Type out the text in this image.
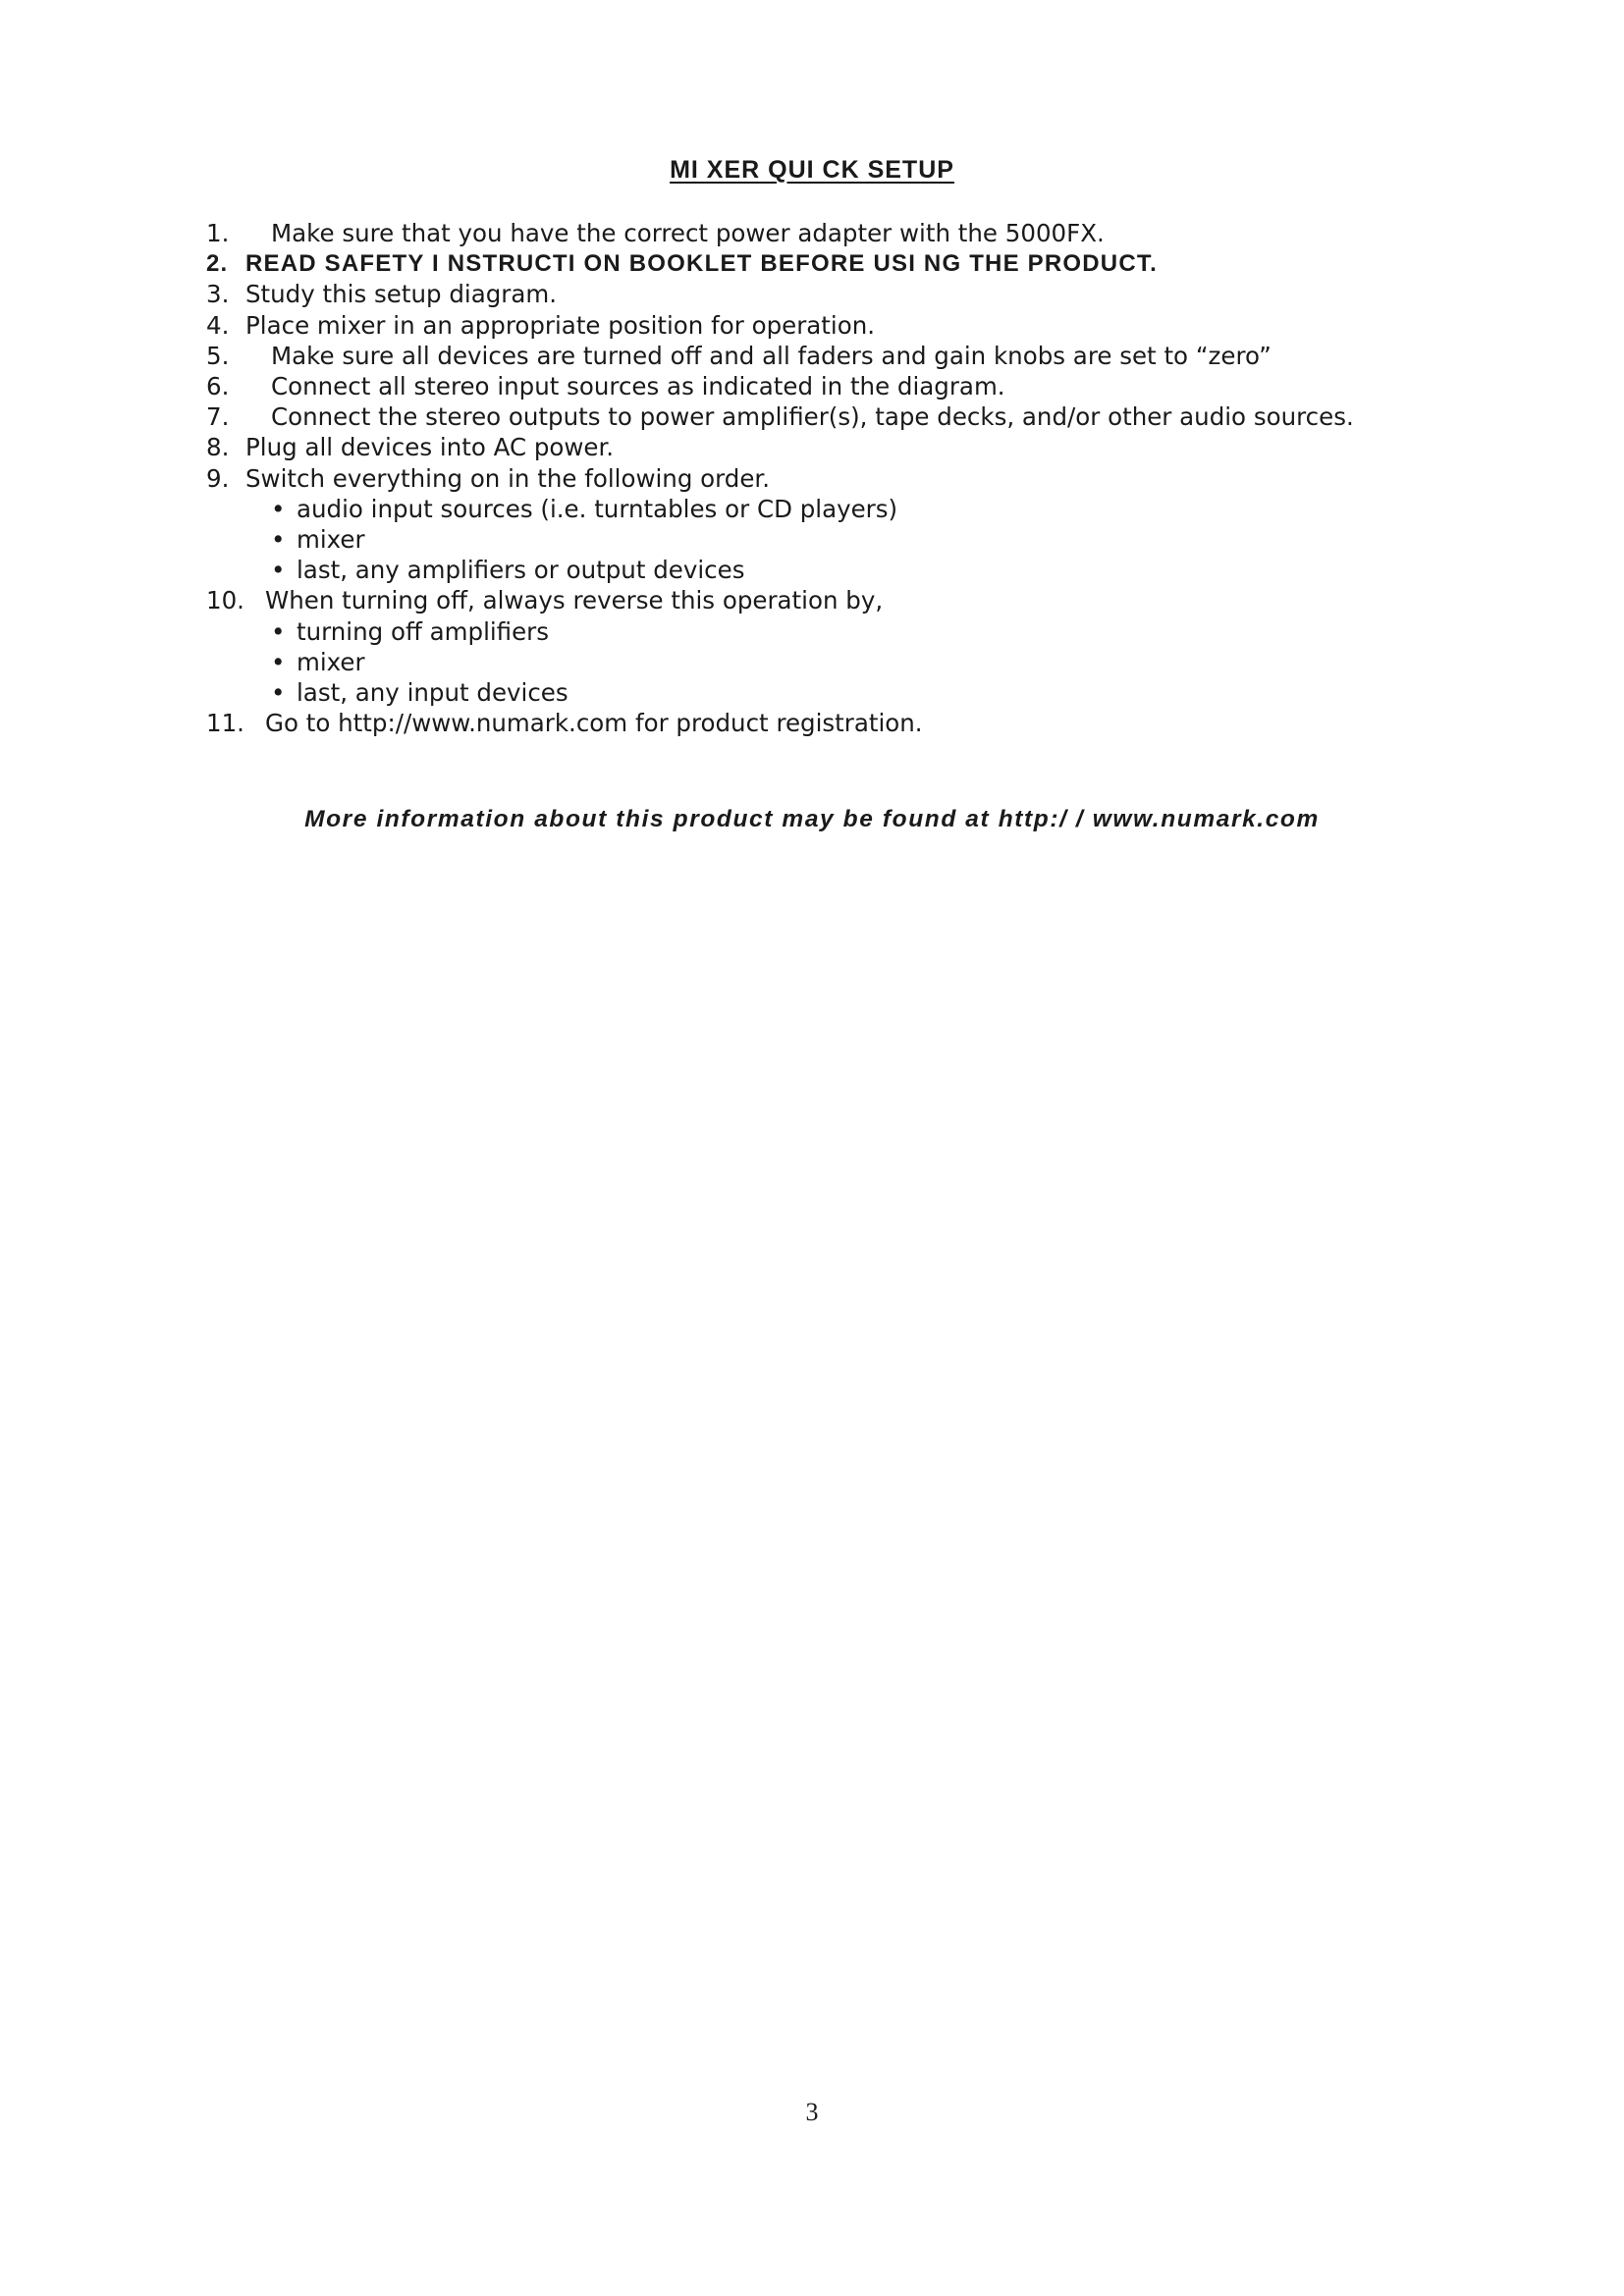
MI XER QUI CK SETUP
1.	Make sure that you have the correct power adapter with the 5000FX.
2. READ SAFETY I NSTRUCTI ON BOOKLET BEFORE USI NG THE PRODUCT.
3. Study this setup diagram.
4. Place mixer in an appropriate position for operation.
5.	Make sure all devices are turned off and all faders and gain knobs are set to “zero”
6.	Connect all stereo input sources as indicated in the diagram.
7.	Connect the stereo outputs to power amplifier(s), tape decks, and/or other audio sources.
8. Plug all devices into AC power.
9. Switch everything on in the following order.
• audio input sources (i.e. turntables or CD players)
• mixer
• last, any amplifiers or output devices
10. When turning off, always reverse this operation by,
• turning off amplifiers
• mixer
• last, any input devices
11. Go to http://www.numark.com for product registration.
More information about this product may be found at http:/ / www.numark.com
3
